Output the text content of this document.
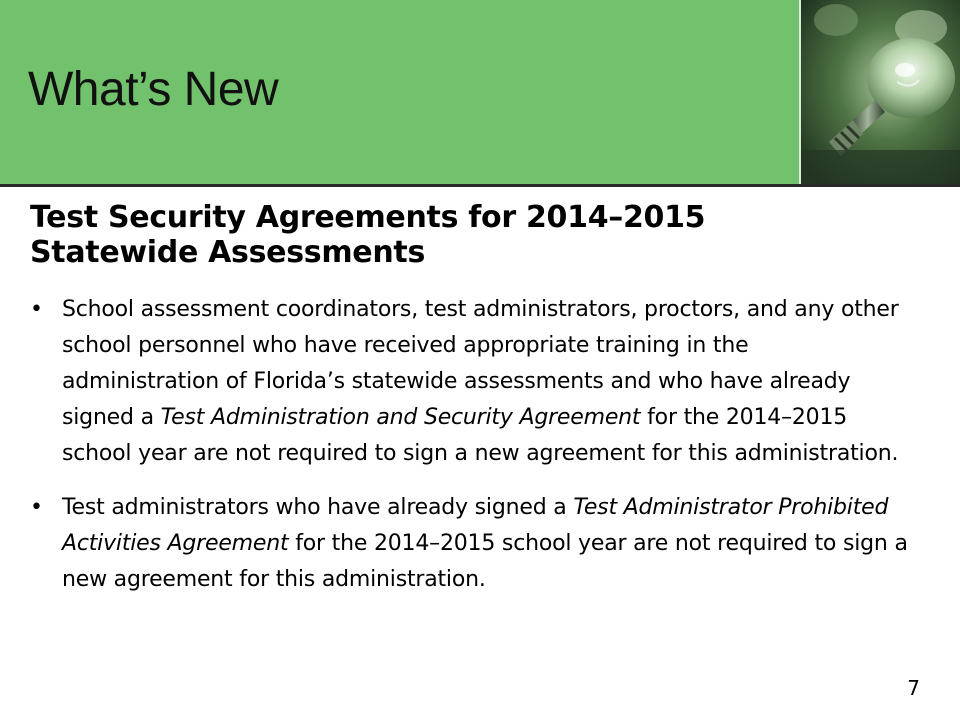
What’s New
Test Security Agreements for 2014–2015
Statewide Assessments
• School assessment coordinators, test administrators, proctors, and any other school personnel who have received appropriate training in the administration of Florida’s statewide assessments and who have already signed a Test Administration and Security Agreement for the 2014–2015 school year are not required to sign a new agreement for this administration.
• Test administrators who have already signed a Test Administrator Prohibited Activities Agreement for the 2014–2015 school year are not required to sign a new agreement for this administration.
7
